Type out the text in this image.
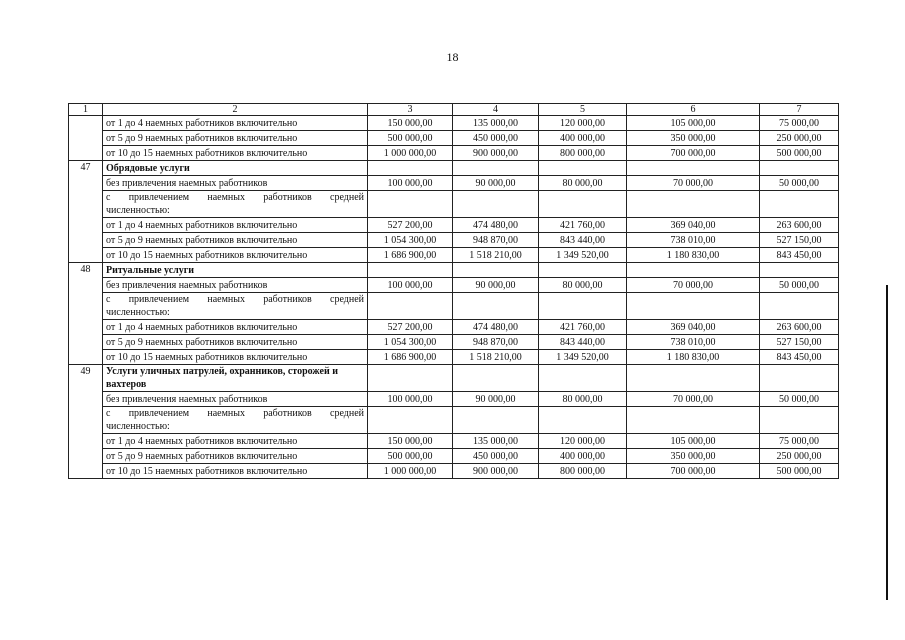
18
1	2	3	4	5	6	7
	от 1 до 4 наемных работников включительно	150 000,00	135 000,00	120 000,00	105 000,00	75 000,00
	от 5 до 9 наемных работников включительно	500 000,00	450 000,00	400 000,00	350 000,00	250 000,00
	от 10 до 15 наемных работников включительно	1 000 000,00	900 000,00	800 000,00	700 000,00	500 000,00
47	Обрядовые услуги					
	без привлечения наемных работников	100 000,00	90 000,00	80 000,00	70 000,00	50 000,00
	с привлечением наемных работников средней численностью:					
	от 1 до 4 наемных работников включительно	527 200,00	474 480,00	421 760,00	369 040,00	263 600,00
	от 5 до 9 наемных работников включительно	1 054 300,00	948 870,00	843 440,00	738 010,00	527 150,00
	от 10 до 15 наемных работников включительно	1 686 900,00	1 518 210,00	1 349 520,00	1 180 830,00	843 450,00
48	Ритуальные услуги					
	без привлечения наемных работников	100 000,00	90 000,00	80 000,00	70 000,00	50 000,00
	с привлечением наемных работников средней численностью:					
	от 1 до 4 наемных работников включительно	527 200,00	474 480,00	421 760,00	369 040,00	263 600,00
	от 5 до 9 наемных работников включительно	1 054 300,00	948 870,00	843 440,00	738 010,00	527 150,00
	от 10 до 15 наемных работников включительно	1 686 900,00	1 518 210,00	1 349 520,00	1 180 830,00	843 450,00
49	Услуги уличных патрулей, охранников, сторожей и вахтеров					
	без привлечения наемных работников	100 000,00	90 000,00	80 000,00	70 000,00	50 000,00
	с привлечением наемных работников средней численностью:					
	от 1 до 4 наемных работников включительно	150 000,00	135 000,00	120 000,00	105 000,00	75 000,00
	от 5 до 9 наемных работников включительно	500 000,00	450 000,00	400 000,00	350 000,00	250 000,00
	от 10 до 15 наемных работников включительно	1 000 000,00	900 000,00	800 000,00	700 000,00	500 000,00
